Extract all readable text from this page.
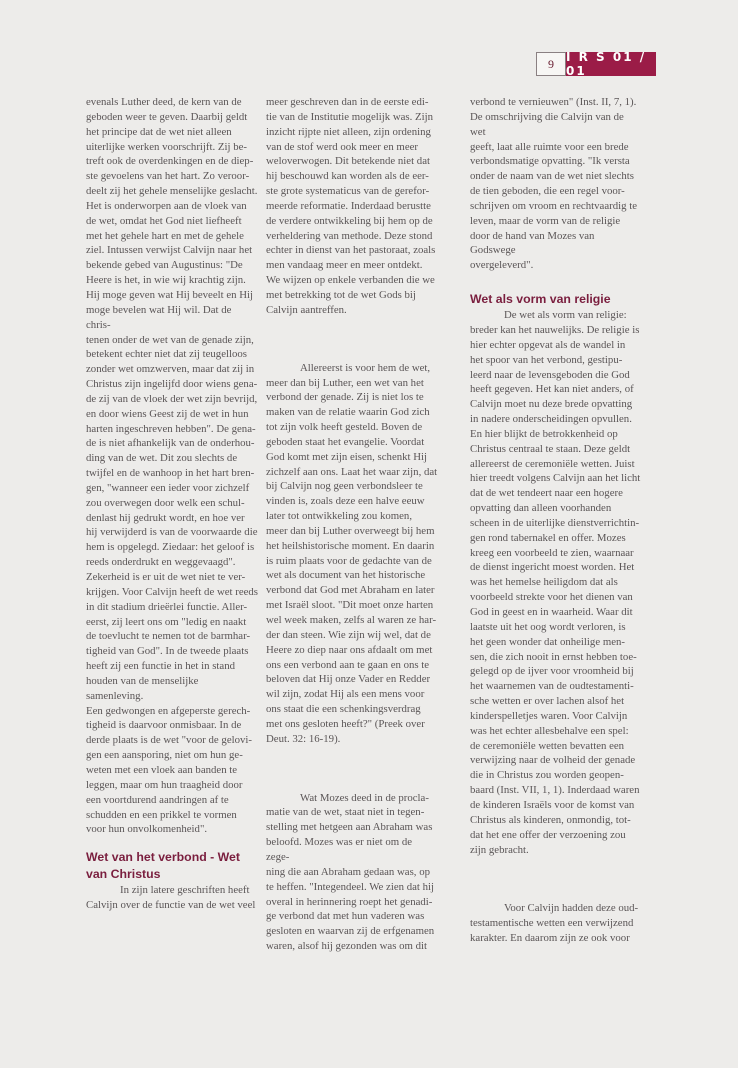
9	I R S 01 / 01
evenals Luther deed, de kern van de
geboden weer te geven. Daarbij geldt
het principe dat de wet niet alleen
uiterlijke werken voorschrijft. Zij be-
treft ook de overdenkingen en de diep-
ste gevoelens van het hart. Zo veroor-
deelt zij het gehele menselijke geslacht.
Het is onderworpen aan de vloek van
de wet, omdat het God niet liefheeft
met het gehele hart en met de gehele
ziel. Intussen verwijst Calvijn naar het
bekende gebed van Augustinus: "De
Heere is het, in wie wij krachtig zijn.
Hij moge geven wat Hij beveelt en Hij
moge bevelen wat Hij wil. Dat de chris-
tenen onder de wet van de genade zijn,
betekent echter niet dat zij teugelloos
zonder wet omzwerven, maar dat zij in
Christus zijn ingelijfd door wiens gena-
de zij van de vloek der wet zijn bevrijd,
en door wiens Geest zij de wet in hun
harten ingeschreven hebben". De gena-
de is niet afhankelijk van de onderhou-
ding van de wet. Dit zou slechts de
twijfel en de wanhoop in het hart bren-
gen, "wanneer een ieder voor zichzelf
zou overwegen door welk een schul-
denlast hij gedrukt wordt, en hoe ver
hij verwijderd is van de voorwaarde die
hem is opgelegd. Ziedaar: het geloof is
reeds onderdrukt en weggevaagd".
Zekerheid is er uit de wet niet te ver-
krijgen. Voor Calvijn heeft de wet reeds
in dit stadium drieërlei functie. Aller-
eerst, zij leert ons om "ledig en naakt
de toevlucht te nemen tot de barmhar-
tigheid van God". In de tweede plaats
heeft zij een functie in het in stand
houden van de menselijke samenleving.
Een gedwongen en afgeperste gerech-
tigheid is daarvoor onmisbaar. In de
derde plaats is de wet "voor de gelovi-
gen een aansporing, niet om hun ge-
weten met een vloek aan banden te
leggen, maar om hun traagheid door
een voortdurend aandringen af te
schudden en een prikkel te vormen
voor hun onvolkomenheid".
Wet van het verbond - Wet
van Christus
In zijn latere geschriften heeft
Calvijn over de functie van de wet veel
meer geschreven dan in de eerste edi-
tie van de Institutie mogelijk was. Zijn
inzicht rijpte niet alleen, zijn ordening
van de stof werd ook meer en meer
weloverwogen. Dit betekende niet dat
hij beschouwd kan worden als de eer-
ste grote systematicus van de gerefor-
meerde reformatie. Inderdaad berustte
de verdere ontwikkeling bij hem op de
verheldering van methode. Deze stond
echter in dienst van het pastoraat, zoals
men vandaag meer en meer ontdekt.
We wijzen op enkele verbanden die we
met betrekking tot de wet Gods bij
Calvijn aantreffen.
Allereerst is voor hem de wet,
meer dan bij Luther, een wet van het
verbond der genade. Zij is niet los te
maken van de relatie waarin God zich
tot zijn volk heeft gesteld. Boven de
geboden staat het evangelie. Voordat
God komt met zijn eisen, schenkt Hij
zichzelf aan ons. Laat het waar zijn, dat
bij Calvijn nog geen verbondsleer te
vinden is, zoals deze een halve eeuw
later tot ontwikkeling zou komen,
meer dan bij Luther overweegt bij hem
het heilshistorische moment. En daarin
is ruim plaats voor de gedachte van de
wet als document van het historische
verbond dat God met Abraham en later
met Israël sloot. "Dit moet onze harten
wel week maken, zelfs al waren ze har-
der dan steen. Wie zijn wij wel, dat de
Heere zo diep naar ons afdaalt om met
ons een verbond aan te gaan en ons te
beloven dat Hij onze Vader en Redder
wil zijn, zodat Hij als een mens voor
ons staat die een schenkingsverdrag
met ons gesloten heeft?" (Preek over
Deut. 32: 16-19).
Wat Mozes deed in de procla-
matie van de wet, staat niet in tegen-
stelling met hetgeen aan Abraham was
beloofd. Mozes was er niet om de zege-
ning die aan Abraham gedaan was, op
te heffen. "Integendeel. We zien dat hij
overal in herinnering roept het genadi-
ge verbond dat met hun vaderen was
gesloten en waarvan zij de erfgenamen
waren, alsof hij gezonden was om dit
verbond te vernieuwen" (Inst. II, 7, 1).
De omschrijving die Calvijn van de wet
geeft, laat alle ruimte voor een brede
verbondsmatige opvatting. "Ik versta
onder de naam van de wet niet slechts
de tien geboden, die een regel voor-
schrijven om vroom en rechtvaardig te
leven, maar de vorm van de religie
door de hand van Mozes van Godswege
overgeleverd".
Wet als vorm van religie
De wet als vorm van religie:
breder kan het nauwelijks. De religie is
hier echter opgevat als de wandel in
het spoor van het verbond, gestipu-
leerd naar de levensgeboden die God
heeft gegeven. Het kan niet anders, of
Calvijn moet nu deze brede opvatting
in nadere onderscheidingen opvullen.
En hier blijkt de betrokkenheid op
Christus centraal te staan. Deze geldt
allereerst de ceremoniële wetten. Juist
hier treedt volgens Calvijn aan het licht
dat de wet tendeert naar een hogere
opvatting dan alleen voorhanden
scheen in de uiterlijke dienstverrichtin-
gen rond tabernakel en offer. Mozes
kreeg een voorbeeld te zien, waarnaar
de dienst ingericht moest worden. Het
was het hemelse heiligdom dat als
voorbeeld strekte voor het dienen van
God in geest en in waarheid. Waar dit
laatste uit het oog wordt verloren, is
het geen wonder dat onheilige men-
sen, die zich nooit in ernst hebben toe-
gelegd op de ijver voor vroomheid bij
het waarnemen van de oudtestamenti-
sche wetten er over lachen alsof het
kinderspelletjes waren. Voor Calvijn
was het echter allesbehalve een spel:
de ceremoniële wetten bevatten een
verwijzing naar de volheid der genade
die in Christus zou worden geopen-
baard (Inst. VII, 1, 1). Inderdaad waren
de kinderen Israëls voor de komst van
Christus als kinderen, onmondig, tot-
dat het ene offer der verzoening zou
zijn gebracht.
Voor Calvijn hadden deze oud-
testamentische wetten een verwijzend
karakter. En daarom zijn ze ook voor
